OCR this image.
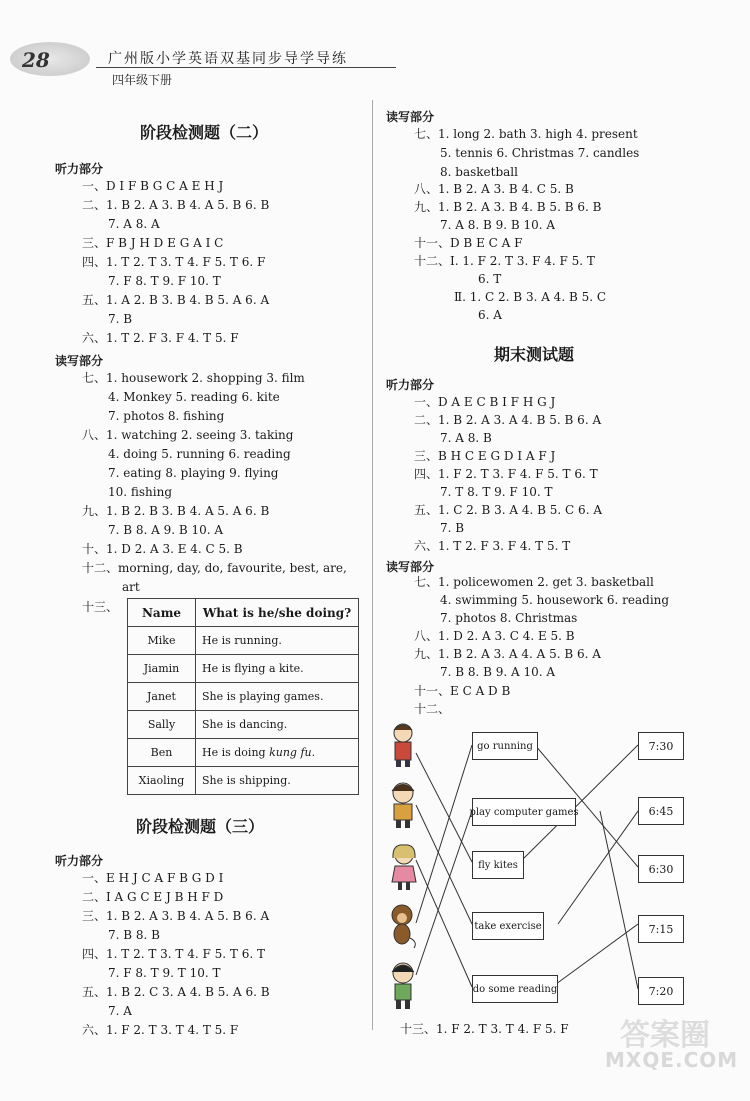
28	广州版小学英语双基同步导学导练
四年级下册
阶段检测题（二）
听力部分
一、D I F B G C A E H J
二、1. B 2. A 3. B 4. A 5. B 6. B
7. A 8. A
三、F B J H D E G A I C
四、1. T 2. T 3. T 4. F 5. T 6. F
7. F 8. T 9. F 10. T
五、1. A 2. B 3. B 4. B 5. A 6. A
7. B
六、1. T 2. F 3. F 4. T 5. F
读写部分
七、1. housework 2. shopping 3. film
4. Monkey 5. reading 6. kite
7. photos 8. fishing
八、1. watching 2. seeing 3. taking
4. doing 5. running 6. reading
7. eating 8. playing 9. flying
10. fishing
九、1. B 2. B 3. B 4. A 5. A 6. B
7. B 8. A 9. B 10. A
十、1. D 2. A 3. E 4. C 5. B
十二、morning, day, do, favourite, best, are,
art
十三、 Name	What is he/she doing?
Mike	He is running.
Jiamin	He is flying a kite.
Janet	She is playing games.
Sally	She is dancing.
Ben	He is doing kung fu.
Xiaoling	She is shipping.
阶段检测题（三）
听力部分
一、E H J C A F B G D I
二、I A G C E J B H F D
三、1. B 2. A 3. B 4. A 5. B 6. A
7. B 8. B
四、1. T 2. T 3. T 4. F 5. T 6. T
7. F 8. T 9. T 10. T
五、1. B 2. C 3. A 4. B 5. A 6. B
7. A
六、1. F 2. T 3. T 4. T 5. F
读写部分
七、1. long 2. bath 3. high 4. present
5. tennis 6. Christmas 7. candles
8. basketball
八、1. B 2. A 3. B 4. C 5. B
九、1. B 2. A 3. B 4. B 5. B 6. B
7. A 8. B 9. B 10. A
十一、D B E C A F
十二、Ⅰ. 1. F 2. T 3. F 4. F 5. T
6. T
Ⅱ. 1. C 2. B 3. A 4. B 5. C
6. A
期末测试题
听力部分
一、D A E C B I F H G J
二、1. B 2. A 3. A 4. B 5. B 6. A
7. A 8. B
三、B H C E G D I A F J
四、1. F 2. T 3. F 4. F 5. T 6. T
7. T 8. T 9. F 10. T
五、1. C 2. B 3. A 4. B 5. C 6. A
7. B
六、1. T 2. F 3. F 4. T 5. T
读写部分
七、1. policewomen 2. get 3. basketball
4. swimming 5. housework 6. reading
7. photos 8. Christmas
八、1. D 2. A 3. C 4. E 5. B
九、1. B 2. A 3. A 4. A 5. B 6. A
7. B 8. B 9. A 10. A
十一、E C A D B
十二、
go running
play computer games
fly kites
take exercise
do some reading
7:30
6:45
6:30
7:15
7:20
十三、1. F 2. T 3. T 4. F 5. F 答案圈
MXQE.COM
